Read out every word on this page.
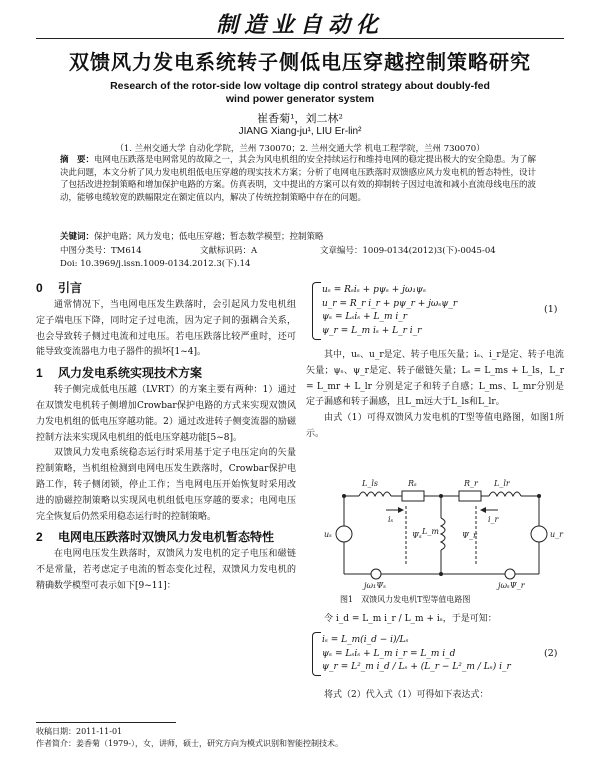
制造业自动化
双馈风力发电系统转子侧低电压穿越控制策略研究
Research of the rotor-side low voltage dip control strategy about doubly-fed
wind power generator system
崔香菊¹，刘二林²
JIANG Xiang-ju¹, LIU Er-lin²
（1. 兰州交通大学 自动化学院，兰州 730070；2. 兰州交通大学 机电工程学院，兰州 730070）
摘　要：电网电压跌落是电网常见的故障之一，其会为风电机组的安全持续运行和维持电网的稳定提出极大的安全隐患。为了解决此问题，本文分析了风力发电机组低电压穿越的现实技术方案；分析了电网电压跌落时双馈感应风力发电机的暂态特性，设计了包括改进控制策略和增加保护电路的方案。仿真表明，文中提出的方案可以有效的抑制转子因过电流和减小直流母线电压的波动，能够电缆较宽的跌幅限定在额定值以内，解决了传统控制策略中存在的问题。
关键词：保护电路；风力发电；低电压穿越；暂态数学模型；控制策略
中图分类号：TM614	文献标识码：A	文章编号：1009-0134(2012)3(下)-0045-04
Doi: 10.3969/j.issn.1009-0134.2012.3(下).14
0 引言

通常情况下，当电网电压发生跌落时，会引起风力发电机组定子端电压下降，同时定子过电流，因为定子间的强耦合关系，也会导致转子侧过电流和过电压。若电压跌落比较严重时，还可能导致变流器电力电子器件的损坏[1~4]。

1 风力发电系统实现技术方案

转子侧完成低电压越（LVRT）的方案主要有两种：1）通过在双馈发电机转子侧增加Crowbar保护电路的方式来实现双馈风力发电机组的低电压穿越功能。2）通过改进转子侧变流器的励磁控制方法来实现风电机组的低电压穿越功能[5~8]。

双馈风力发电系统稳态运行时采用基于定子电压定向的矢量控制策略，当机组检测到电网电压发生跌落时，Crowbar保护电路工作，转子侧闭锁，停止工作；当电网电压开始恢复时采用改进的励磁控制策略以实现风电机组低电压穿越的要求；电网电压完全恢复后仍然采用稳态运行时的控制策略。

2 电网电压跌落时双馈风力发电机暂态特性

在电网电压发生跌落时，双馈风力发电机的定子电压和磁链不是常量，若考虑定子电流的暂态变化过程，双馈风力发电机的精确数学模型可表示如下[9~11]：

uₛ = Rₛiₛ + pψₛ + jω₁ψₛ
u_r = R_r i_r + pψ_r + jωₛψ_r
ψₛ = Lₛiₛ + L_m i_r
ψ_r = L_m iₛ + L_r i_r
(1)

其中，uₛ、u_r是定、转子电压矢量；iₛ、i_r是定、转子电流矢量；ψₛ、ψ_r是定、转子磁链矢量；Lₛ = L_ms + L_ls，L_r = L_mr + L_lr 分别是定子和转子自感；L_ms、L_mr分别是定子漏感和转子漏感，且L_m远大于L_ls和L_lr。

由式（1）可得双馈风力发电机的T型等值电路图，如图1所示。

L_ls	Rₛ	L_lr
R_r
iₛ	i_r
uₛ	u_r
Ψₛ	Ψ_r
L_m
jω₁Ψₛ	jωₛΨ_r
图1　双馈风力发电机T型等值电路图

令 i_d = L_m i_r / L_m + iₛ，于是可知：

iₛ = L_m(i_d − i)/Lₛ
ψₛ = Lₛiₛ + L_m i_r = L_m i_d
ψ_r = L²_m i_d / Lₛ + (L_r − L²_m / Lₛ) i_r
(2)

将式（2）代入式（1）可得如下表达式：

收稿日期：2011-11-01
作者简介：姜香菊（1979-），女，讲师，硕士，研究方向为模式识别和智能控制技术。
